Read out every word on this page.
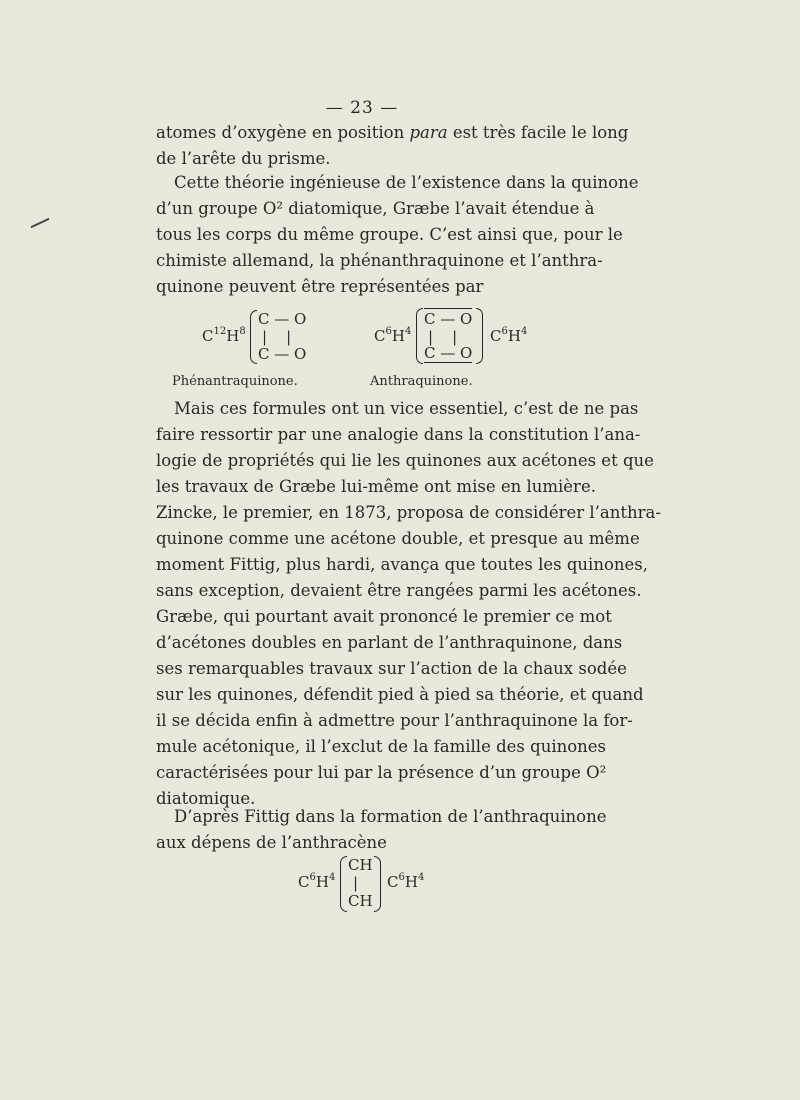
— 23 —
atomes d’oxygène en position para est très facile le long
de l’arête du prisme.
Cette théorie ingénieuse de l’existence dans la quinone
d’un groupe O² diatomique, Græbe l’avait étendue à
tous les corps du même groupe. C’est ainsi que, pour le
chimiste allemand, la phénanthraquinone et l’anthra-
quinone peuvent être représentées par
$C^{12}H^8$
C — O
|    |
C — O
Phénantraquinone.
$C^6H^4$
C — O
|    |
C — O
$C^6H^4$
Anthraquinone.
Mais ces formules ont un vice essentiel, c’est de ne pas
faire ressortir par une analogie dans la constitution l’ana-
logie de propriétés qui lie les quinones aux acétones et que
les travaux de Græbe lui-même ont mise en lumière.
Zincke, le premier, en 1873, proposa de considérer l’anthra-
quinone comme une acétone double, et presque au même
moment Fittig, plus hardi, avança que toutes les quinones,
sans exception, devaient être rangées parmi les acétones.
Græbe, qui pourtant avait prononcé le premier ce mot
d’acétones doubles en parlant de l’anthraquinone, dans
ses remarquables travaux sur l’action de la chaux sodée
sur les quinones, défendit pied à pied sa théorie, et quand
il se décida enfin à admettre pour l’anthraquinone la for-
mule acétonique, il l’exclut de la famille des quinones
caractérisées pour lui par la présence d’un groupe O²
diatomique.
D’après Fittig dans la formation de l’anthraquinone
aux dépens de l’anthracène
$C^6H^4$
CH
|
CH
$C^6H^4$
